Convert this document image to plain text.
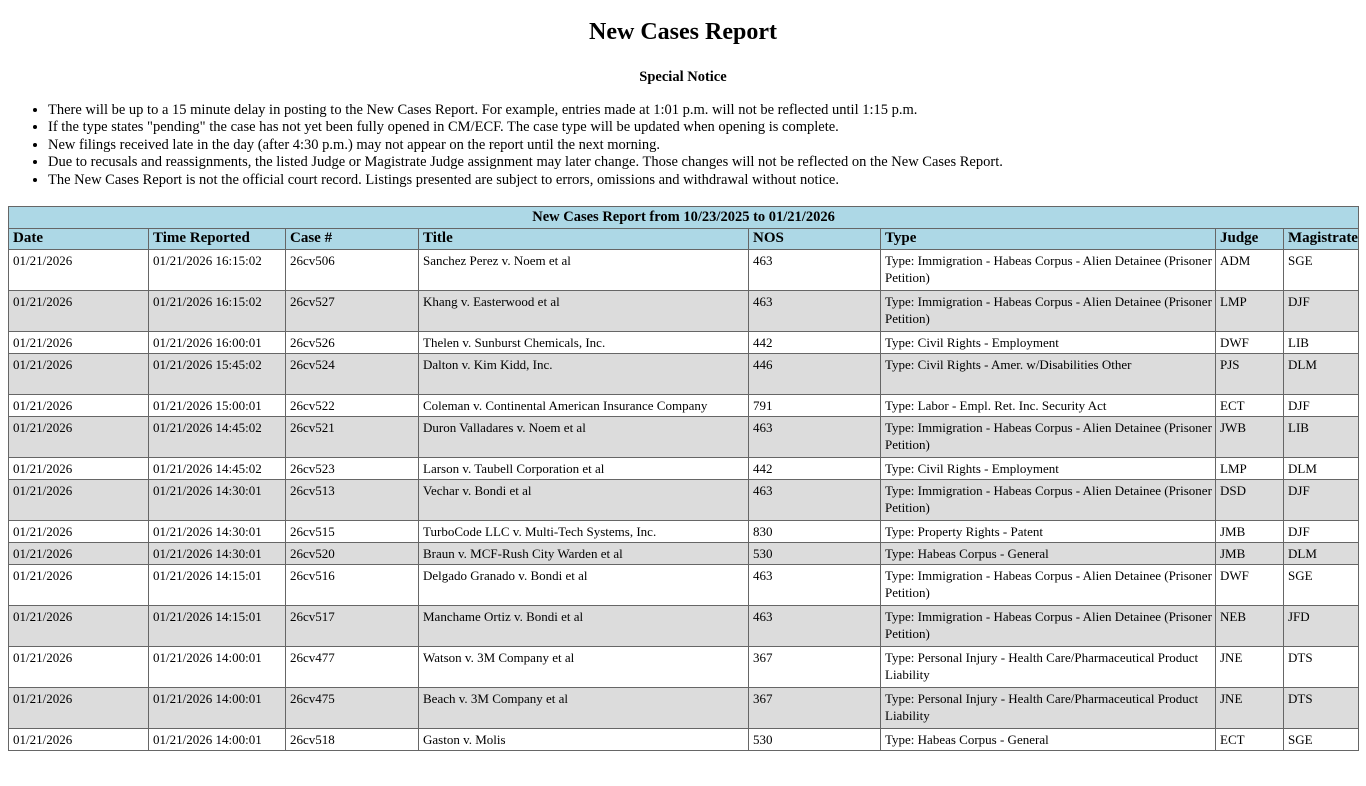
New Cases Report
Special Notice
• There will be up to a 15 minute delay in posting to the New Cases Report. For example, entries made at 1:01 p.m. will not be reflected until 1:15 p.m.
• If the type states "pending" the case has not yet been fully opened in CM/ECF. The case type will be updated when opening is complete.
• New filings received late in the day (after 4:30 p.m.) may not appear on the report until the next morning.
• Due to recusals and reassignments, the listed Judge or Magistrate Judge assignment may later change. Those changes will not be reflected on the New Cases Report.
• The New Cases Report is not the official court record. Listings presented are subject to errors, omissions and withdrawal without notice.
New Cases Report from 10/23/2025 to 01/21/2026							
Date	Time Reported	Case #	Title	NOS	Type	Judge	Magistrate
01/21/2026	01/21/2026 16:15:02	26cv506	Sanchez Perez v. Noem et al	463	Type: Immigration - Habeas Corpus - Alien Detainee (Prisoner Petition)	ADM	SGE
01/21/2026	01/21/2026 16:15:02	26cv527	Khang v. Easterwood et al	463	Type: Immigration - Habeas Corpus - Alien Detainee (Prisoner Petition)	LMP	DJF
01/21/2026	01/21/2026 16:00:01	26cv526	Thelen v. Sunburst Chemicals, Inc.	442	Type: Civil Rights - Employment	DWF	LIB
01/21/2026	01/21/2026 15:45:02	26cv524	Dalton v. Kim Kidd, Inc.	446	Type: Civil Rights - Amer. w/Disabilities Other	PJS	DLM
01/21/2026	01/21/2026 15:00:01	26cv522	Coleman v. Continental American Insurance Company	791	Type: Labor - Empl. Ret. Inc. Security Act	ECT	DJF
01/21/2026	01/21/2026 14:45:02	26cv521	Duron Valladares v. Noem et al	463	Type: Immigration - Habeas Corpus - Alien Detainee (Prisoner Petition)	JWB	LIB
01/21/2026	01/21/2026 14:45:02	26cv523	Larson v. Taubell Corporation et al	442	Type: Civil Rights - Employment	LMP	DLM
01/21/2026	01/21/2026 14:30:01	26cv513	Vechar v. Bondi et al	463	Type: Immigration - Habeas Corpus - Alien Detainee (Prisoner Petition)	DSD	DJF
01/21/2026	01/21/2026 14:30:01	26cv515	TurboCode LLC v. Multi-Tech Systems, Inc.	830	Type: Property Rights - Patent	JMB	DJF
01/21/2026	01/21/2026 14:30:01	26cv520	Braun v. MCF-Rush City Warden et al	530	Type: Habeas Corpus - General	JMB	DLM
01/21/2026	01/21/2026 14:15:01	26cv516	Delgado Granado v. Bondi et al	463	Type: Immigration - Habeas Corpus - Alien Detainee (Prisoner Petition)	DWF	SGE
01/21/2026	01/21/2026 14:15:01	26cv517	Manchame Ortiz v. Bondi et al	463	Type: Immigration - Habeas Corpus - Alien Detainee (Prisoner Petition)	NEB	JFD
01/21/2026	01/21/2026 14:00:01	26cv477	Watson v. 3M Company et al	367	Type: Personal Injury - Health Care/Pharmaceutical Product Liability	JNE	DTS
01/21/2026	01/21/2026 14:00:01	26cv475	Beach v. 3M Company et al	367	Type: Personal Injury - Health Care/Pharmaceutical Product Liability	JNE	DTS
01/21/2026	01/21/2026 14:00:01	26cv518	Gaston v. Molis	530	Type: Habeas Corpus - General	ECT	SGE
